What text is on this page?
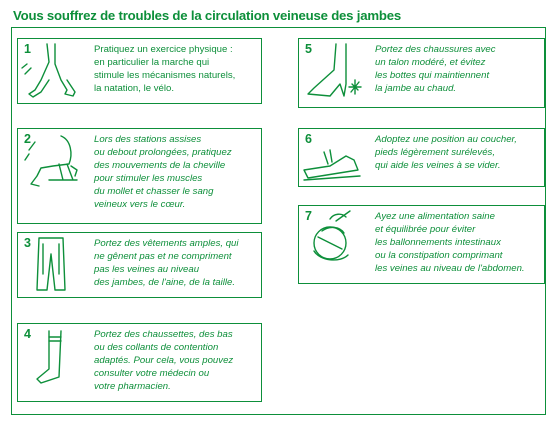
Vous souffrez de troubles de la circulation veineuse des jambes
1	Pratiquez un exercice physique :
en particulier la marche qui
stimule les mécanismes naturels,
la natation, le vélo.
2	Lors des stations assises
ou debout prolongées, pratiquez
des mouvements de la cheville
pour stimuler les muscles
du mollet et chasser le sang
veineux vers le cœur.
3	Portez des vêtements amples, qui
ne gênent pas et ne compriment
pas les veines au niveau
des jambes, de l'aine, de la taille.
4	Portez des chaussettes, des bas
ou des collants de contention
adaptés. Pour cela, vous pouvez
consulter votre médecin ou
votre pharmacien.
5	Portez des chaussures avec
un talon modéré, et évitez
les bottes qui maintiennent
la jambe au chaud.
6	Adoptez une position au coucher,
pieds légèrement surélevés,
qui aide les veines à se vider.
7	Ayez une alimentation saine
et équilibrée pour éviter
les ballonnements intestinaux
ou la constipation comprimant
les veines au niveau de l'abdomen.
